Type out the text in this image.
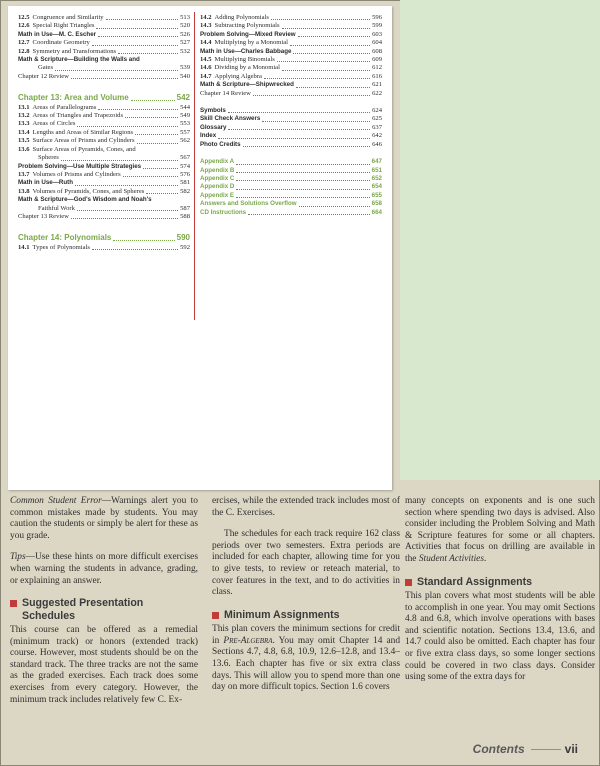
12.5 Congruence and Similarity	513
12.6 Special Right Triangles	520
Math in Use—M. C. Escher	526
12.7 Coordinate Geometry	527
12.8 Symmetry and Transformations	532
Math & Scripture—Building the Walls and
Gates	539
Chapter 12 Review	540
Chapter 13: Area and Volume	542
13.1 Areas of Parallelograms	544
13.2 Areas of Triangles and Trapezoids	549
13.3 Areas of Circles	553
13.4 Lengths and Areas of Similar Regions	557
13.5 Surface Areas of Prisms and Cylinders	562
13.6 Surface Areas of Pyramids, Cones, and
Spheres	567
Problem Solving—Use Multiple Strategies	574
13.7 Volumes of Prisms and Cylinders	576
Math in Use—Ruth	581
13.8 Volumes of Pyramids, Cones, and Spheres	582
Math & Scripture—God's Wisdom and Noah's
Faithful Work	587
Chapter 13 Review	588
Chapter 14: Polynomials	590
14.1 Types of Polynomials	592
14.2 Adding Polynomials	596
14.3 Subtracting Polynomials	599
Problem Solving—Mixed Review	603
14.4 Multiplying by a Monomial	604
Math in Use—Charles Babbage	608
14.5 Multiplying Binomials	609
14.6 Dividing by a Monomial	612
14.7 Applying Algebra	616
Math & Scripture—Shipwrecked	621
Chapter 14 Review	622
Symbols	624
Skill Check Answers	625
Glossary	637
Index	642
Photo Credits	646
Appendix A	647
Appendix B	651
Appendix C	652
Appendix D	654
Appendix E	655
Answers and Solutions Overflow	658
CD Instructions	664

Common Student Error—Warnings alert you to common mistakes made by students. You may caution the students or simply be alert for these as you grade.

Tips—Use these hints on more difficult exercises when warning the students in advance, grading, or explaining an answer.

Suggested Presentation Schedules

This course can be offered as a remedial (minimum track) or honors (extended track) course. However, most students should be on the standard track. The three tracks are not the same as the graded exercises. Each track does some exercises from every category. However, the minimum track includes relatively few C. Ex-

ercises, while the extended track includes most of the C. Exercises.

The schedules for each track require 162 class periods over two semesters. Extra periods are included for each chapter, allowing time for you to give tests, to review or reteach material, to cover features in the text, and to do activities in class.

Minimum Assignments

This plan covers the minimum sections for credit in Pre-Algebra. You may omit Chapter 14 and Sections 4.7, 4.8, 6.8, 10.9, 12.6–12.8, and 13.4–13.6. Each chapter has five or six extra class days. This will allow you to spend more than one day on more difficult topics. Section 1.6 covers

many concepts on exponents and is one such section where spending two days is advised. Also consider including the Problem Solving and Math & Scripture features for some or all chapters. Activities that focus on drilling are available in the Student Activities.

Standard Assignments

This plan covers what most students will be able to accomplish in one year. You may omit Sections 4.8 and 6.8, which involve operations with bases and scientific notation. Sections 13.4, 13.6, and 14.7 could also be omitted. Each chapter has four or five extra class days, so some longer sections could be covered in two class days. Consider using some of the extra days for

Contents	vii
